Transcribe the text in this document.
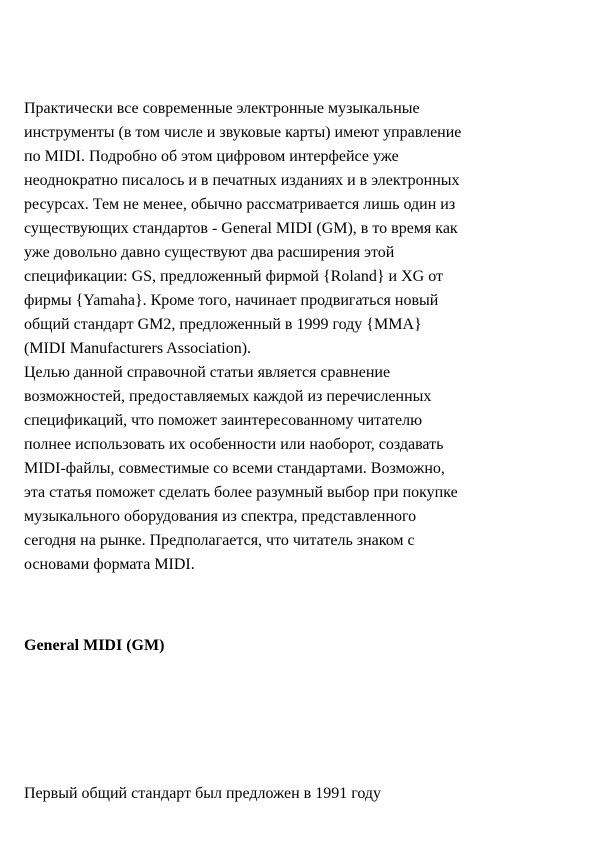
Практически все современные электронные музыкальные
инструменты (в том числе и звуковые карты) имеют управление
по MIDI. Подробно об этом цифровом интерфейсе уже
неоднократно писалось и в печатных изданиях и в электронных
ресурсах. Тем не менее, обычно рассматривается лишь один из
существующих стандартов - General MIDI (GM), в то время как
уже довольно давно существуют два расширения этой
спецификации: GS, предложенный фирмой {Roland} и XG от
фирмы {Yamaha}. Кроме того, начинает продвигаться новый
общий стандарт GM2, предложенный в 1999 году {MMA}
(MIDI Manufacturers Association).
Целью данной справочной статьи является сравнение
возможностей, предоставляемых каждой из перечисленных
спецификаций, что поможет заинтересованному читателю
полнее использовать их особенности или наоборот, создавать
MIDI-файлы, совместимые со всеми стандартами. Возможно,
эта статья поможет сделать более разумный выбор при покупке
музыкального оборудования из спектра, представленного
сегодня на рынке. Предполагается, что читатель знаком с
основами формата MIDI.
General MIDI (GM)

Первый общий стандарт был предложен в 1991 году
